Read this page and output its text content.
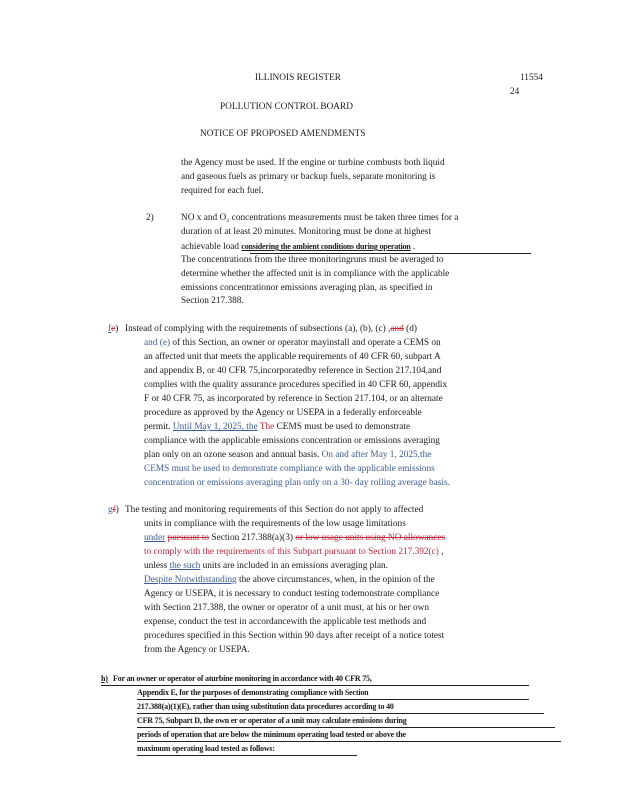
ILLINOIS REGISTER	11554
24
POLLUTION CONTROL BOARD
NOTICE OF PROPOSED AMENDMENTS
the Agency must be used. If the engine or turbine combusts both liquid
and gaseous fuels as primary or backup fuels, separate monitoring is
required for each fuel.
2)	NO x and O₂ concentrations measurements must be taken three times for a
duration of at least 20 minutes. Monitoring must be done at highest
achievable load considering the ambient conditions during operation .
The concentrations from the three monitoringruns must be averaged to
determine whether the affected unit is in compliance with the applicable
emissions concentrationor emissions averaging plan, as specified in
Section 217.388.
fe) Instead of complying with the requirements of subsections (a), (b), (c) ,and (d)
and (e) of this Section, an owner or operator mayinstall and operate a CEMS on
an affected unit that meets the applicable requirements of 40 CFR 60, subpart A
and appendix B, or 40 CFR 75,incorporatedby reference in Section 217.104,and
complies with the quality assurance procedures specified in 40 CFR 60, appendix
F or 40 CFR 75, as incorporated by reference in Section 217.104, or an alternate
procedure as approved by the Agency or USEPA in a federally enforceable
permit. Until May 1, 2025, the The CEMS must be used to demonstrate
compliance with the applicable emissions concentration or emissions averaging
plan only on an ozone season and annual basis. On and after May 1, 2025,the
CEMS must be used to demonstrate compliance with the applicable emissions
concentration or emissions averaging plan only on a 30- day rolling average basis.
gf) The testing and monitoring requirements of this Section do not apply to affected
units in compliance with the requirements of the low usage limitations
under pursuant to Section 217.388(a)(3) or low usage units using NO allowances
to comply with the requirements of this Subpart pursuant to Section 217.392(c) ,
unless the such units are included in an emissions averaging plan.
Despite Notwithstanding the above circumstances, when, in the opinion of the
Agency or USEPA, it is necessary to conduct testing todemonstrate compliance
with Section 217.388, the owner or operator of a unit must, at his or her own
expense, conduct the test in accordancewith the applicable test methods and
procedures specified in this Section within 90 days after receipt of a notice totest
from the Agency or USEPA.
h) For an owner or operator of aturbine monitoring in accordance with 40 CFR 75,
Appendix E, for the purposes of demonstrating compliance with Section
217.388(a)(1)(E), rather than using substitution data procedures according to 40
CFR 75, Subpart D, the own er or operator of a unit may calculate emissions during
periods of operation that are below the minimum operating load tested or above the
maximum operating load tested as follows:
